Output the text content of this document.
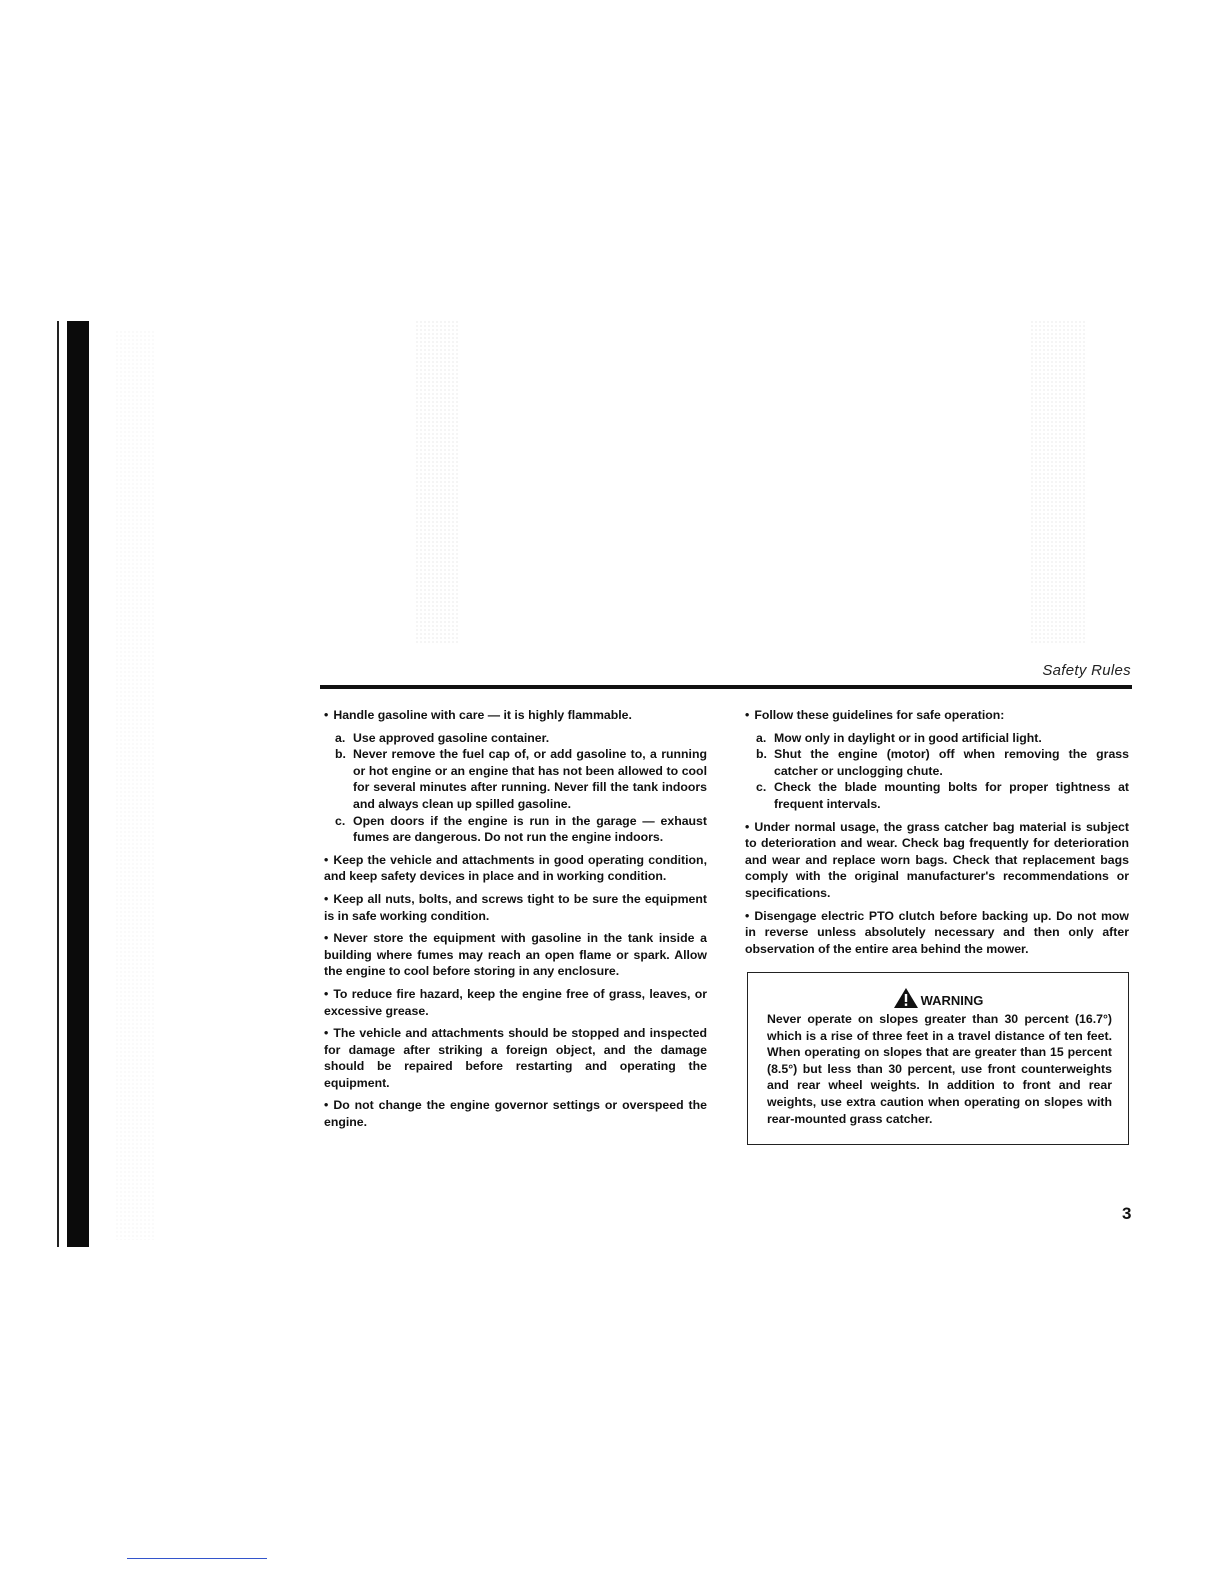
Safety Rules
• Handle gasoline with care — it is highly flammable.
a. Use approved gasoline container.
b. Never remove the fuel cap of, or add gasoline to, a running or hot engine or an engine that has not been allowed to cool for several minutes after running. Never fill the tank indoors and always clean up spilled gasoline.
c. Open doors if the engine is run in the garage — exhaust fumes are dangerous. Do not run the engine indoors.
• Keep the vehicle and attachments in good operating condition, and keep safety devices in place and in working condition.
• Keep all nuts, bolts, and screws tight to be sure the equipment is in safe working condition.
• Never store the equipment with gasoline in the tank inside a building where fumes may reach an open flame or spark. Allow the engine to cool before storing in any enclosure.
• To reduce fire hazard, keep the engine free of grass, leaves, or excessive grease.
• The vehicle and attachments should be stopped and inspected for damage after striking a foreign object, and the damage should be repaired before restarting and operating the equipment.
• Do not change the engine governor settings or overspeed the engine.
• Follow these guidelines for safe operation:
a. Mow only in daylight or in good artificial light.
b. Shut the engine (motor) off when removing the grass catcher or unclogging chute.
c. Check the blade mounting bolts for proper tightness at frequent intervals.
• Under normal usage, the grass catcher bag material is subject to deterioration and wear. Check bag frequently for deterioration and wear and replace worn bags. Check that replacement bags comply with the original manufacturer's recommendations or specifications.
• Disengage electric PTO clutch before backing up. Do not mow in reverse unless absolutely necessary and then only after observation of the entire area behind the mower.
WARNING
Never operate on slopes greater than 30 percent (16.7°) which is a rise of three feet in a travel distance of ten feet. When operating on slopes that are greater than 15 percent (8.5°) but less than 30 percent, use front counterweights and rear wheel weights. In addition to front and rear weights, use extra caution when operating on slopes with rear-mounted grass catcher.
3
